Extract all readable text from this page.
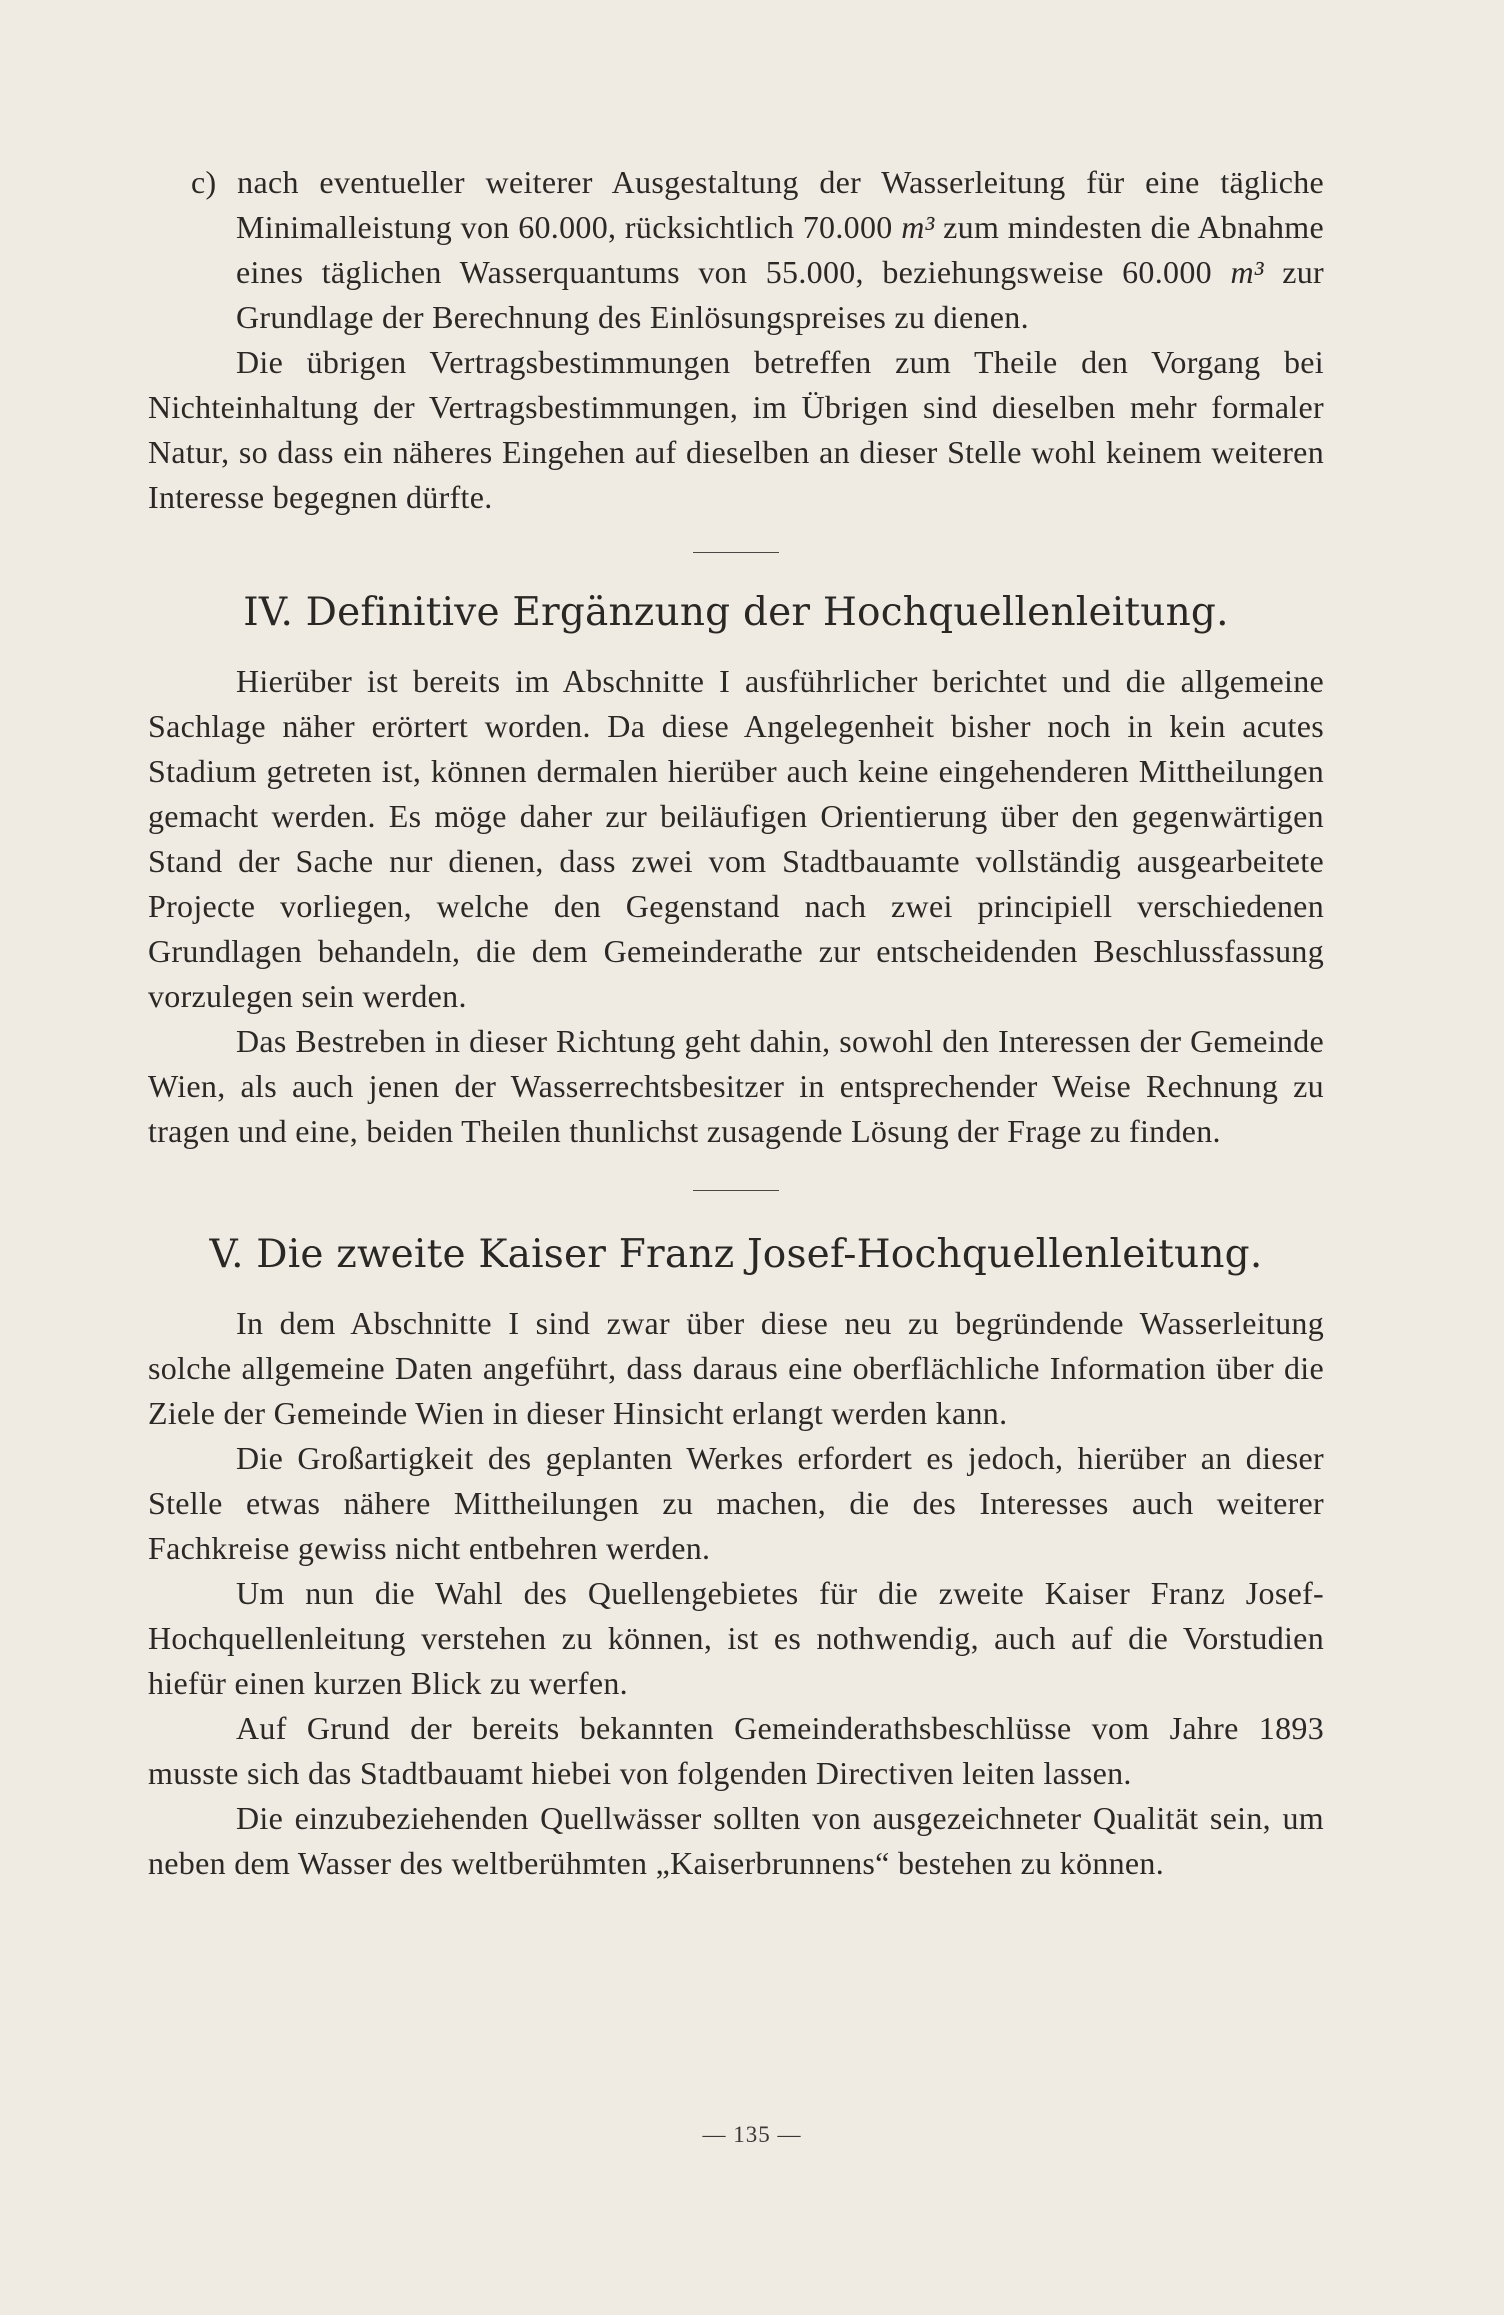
c) nach eventueller weiterer Ausgestaltung der Wasserleitung für eine tägliche Minimalleistung von 60.000, rücksichtlich 70.000 m³ zum mindesten die Abnahme eines täglichen Wasserquantums von 55.000, beziehungsweise 60.000 m³ zur Grundlage der Berechnung des Einlösungspreises zu dienen.

Die übrigen Vertragsbestimmungen betreffen zum Theile den Vorgang bei Nichteinhaltung der Vertragsbestimmungen, im Übrigen sind dieselben mehr formaler Natur, so dass ein näheres Eingehen auf dieselben an dieser Stelle wohl keinem weiteren Interesse begegnen dürfte.

IV. Definitive Ergänzung der Hochquellenleitung.

Hierüber ist bereits im Abschnitte I ausführlicher berichtet und die allgemeine Sachlage näher erörtert worden. Da diese Angelegenheit bisher noch in kein acutes Stadium getreten ist, können dermalen hierüber auch keine eingehenderen Mittheilungen gemacht werden. Es möge daher zur beiläufigen Orientierung über den gegenwärtigen Stand der Sache nur dienen, dass zwei vom Stadtbauamte vollständig ausgearbeitete Projecte vorliegen, welche den Gegenstand nach zwei principiell verschiedenen Grundlagen behandeln, die dem Gemeinderathe zur entscheidenden Beschlussfassung vorzulegen sein werden.

Das Bestreben in dieser Richtung geht dahin, sowohl den Interessen der Gemeinde Wien, als auch jenen der Wasserrechtsbesitzer in entsprechender Weise Rechnung zu tragen und eine, beiden Theilen thunlichst zusagende Lösung der Frage zu finden.

V. Die zweite Kaiser Franz Josef-Hochquellenleitung.

In dem Abschnitte I sind zwar über diese neu zu begründende Wasserleitung solche allgemeine Daten angeführt, dass daraus eine oberflächliche Information über die Ziele der Gemeinde Wien in dieser Hinsicht erlangt werden kann.

Die Großartigkeit des geplanten Werkes erfordert es jedoch, hierüber an dieser Stelle etwas nähere Mittheilungen zu machen, die des Interesses auch weiterer Fachkreise gewiss nicht entbehren werden.

Um nun die Wahl des Quellengebietes für die zweite Kaiser Franz Josef-Hochquellenleitung verstehen zu können, ist es nothwendig, auch auf die Vorstudien hiefür einen kurzen Blick zu werfen.

Auf Grund der bereits bekannten Gemeinderathsbeschlüsse vom Jahre 1893 musste sich das Stadtbauamt hiebei von folgenden Directiven leiten lassen.

Die einzubeziehenden Quellwässer sollten von ausgezeichneter Qualität sein, um neben dem Wasser des weltberühmten „Kaiserbrunnens“ bestehen zu können.

— 135 —
